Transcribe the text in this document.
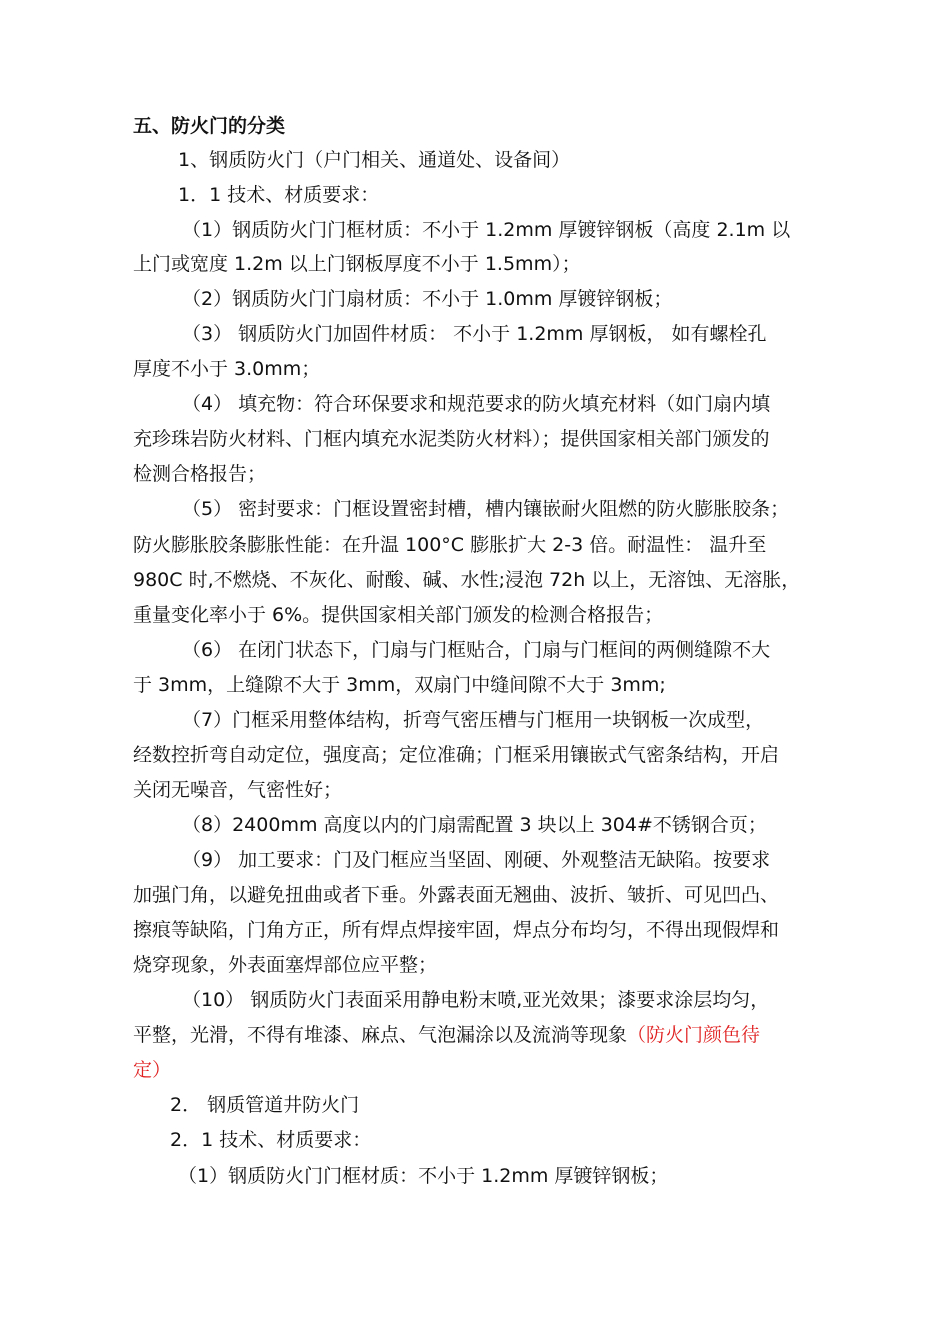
五、防火门的分类
1、钢质防火门（户门相关、通道处、设备间）
1．1 技术、材质要求：
（1）钢质防火门门框材质：不小于 1.2mm 厚镀锌钢板（高度 2.1m 以
上门或宽度 1.2m 以上门钢板厚度不小于 1.5mm）；
（2）钢质防火门门扇材质：不小于 1.0mm 厚镀锌钢板；
（3） 钢质防火门加固件材质： 不小于 1.2mm 厚钢板， 如有螺栓孔
厚度不小于 3.0mm；
（4） 填充物：符合环保要求和规范要求的防火填充材料（如门扇内填
充珍珠岩防火材料、门框内填充水泥类防火材料）；提供国家相关部门颁发的
检测合格报告；
（5） 密封要求：门框设置密封槽，槽内镶嵌耐火阻燃的防火膨胀胶条；
防火膨胀胶条膨胀性能：在升温 100°C 膨胀扩大 2-3 倍。耐温性： 温升至
980C 时,不燃烧、不灰化、耐酸、碱、水性;浸泡 72h 以上，无溶蚀、无溶胀，
重量变化率小于 6%。提供国家相关部门颁发的检测合格报告；
（6） 在闭门状态下，门扇与门框贴合，门扇与门框间的两侧缝隙不大
于 3mm，上缝隙不大于 3mm，双扇门中缝间隙不大于 3mm;
（7）门框采用整体结构，折弯气密压槽与门框用一块钢板一次成型，
经数控折弯自动定位，强度高；定位准确；门框采用镶嵌式气密条结构，开启
关闭无噪音，气密性好；
（8）2400mm 高度以内的门扇需配置 3 块以上 304#不锈钢合页；
（9） 加工要求：门及门框应当坚固、刚硬、外观整洁无缺陷。按要求
加强门角，以避免扭曲或者下垂。外露表面无翘曲、波折、皱折、可见凹凸、
擦痕等缺陷，门角方正，所有焊点焊接牢固，焊点分布均匀，不得出现假焊和
烧穿现象，外表面塞焊部位应平整；
（10） 钢质防火门表面采用静电粉末喷,亚光效果；漆要求涂层均匀，
平整，光滑，不得有堆漆、麻点、气泡漏涂以及流淌等现象（防火门颜色待
定）
2． 钢质管道井防火门
2．1 技术、材质要求：
（1）钢质防火门门框材质：不小于 1.2mm 厚镀锌钢板；
